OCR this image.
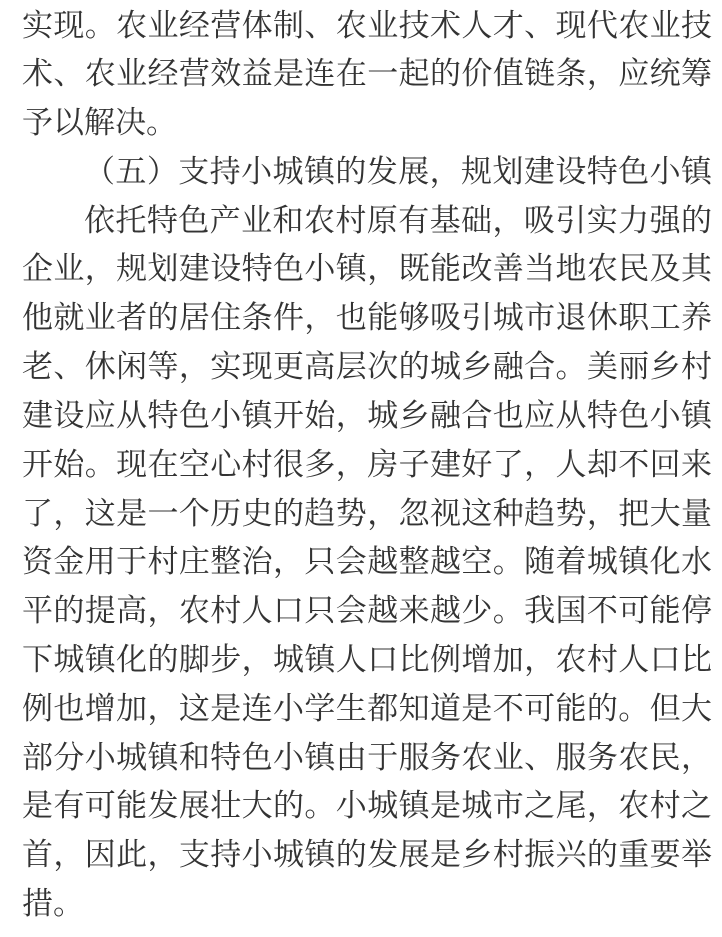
实现。农业经营体制、农业技术人才、现代农业技
术、农业经营效益是连在一起的价值链条，应统筹
予以解决。
（五）支持小城镇的发展，规划建设特色小镇
依托特色产业和农村原有基础，吸引实力强的
企业，规划建设特色小镇，既能改善当地农民及其
他就业者的居住条件，也能够吸引城市退休职工养
老、休闲等，实现更高层次的城乡融合。美丽乡村
建设应从特色小镇开始，城乡融合也应从特色小镇
开始。现在空心村很多，房子建好了，人却不回来
了，这是一个历史的趋势，忽视这种趋势，把大量
资金用于村庄整治，只会越整越空。随着城镇化水
平的提高，农村人口只会越来越少。我国不可能停
下城镇化的脚步，城镇人口比例增加，农村人口比
例也增加，这是连小学生都知道是不可能的。但大
部分小城镇和特色小镇由于服务农业、服务农民，
是有可能发展壮大的。小城镇是城市之尾，农村之
首，因此，支持小城镇的发展是乡村振兴的重要举
措。
